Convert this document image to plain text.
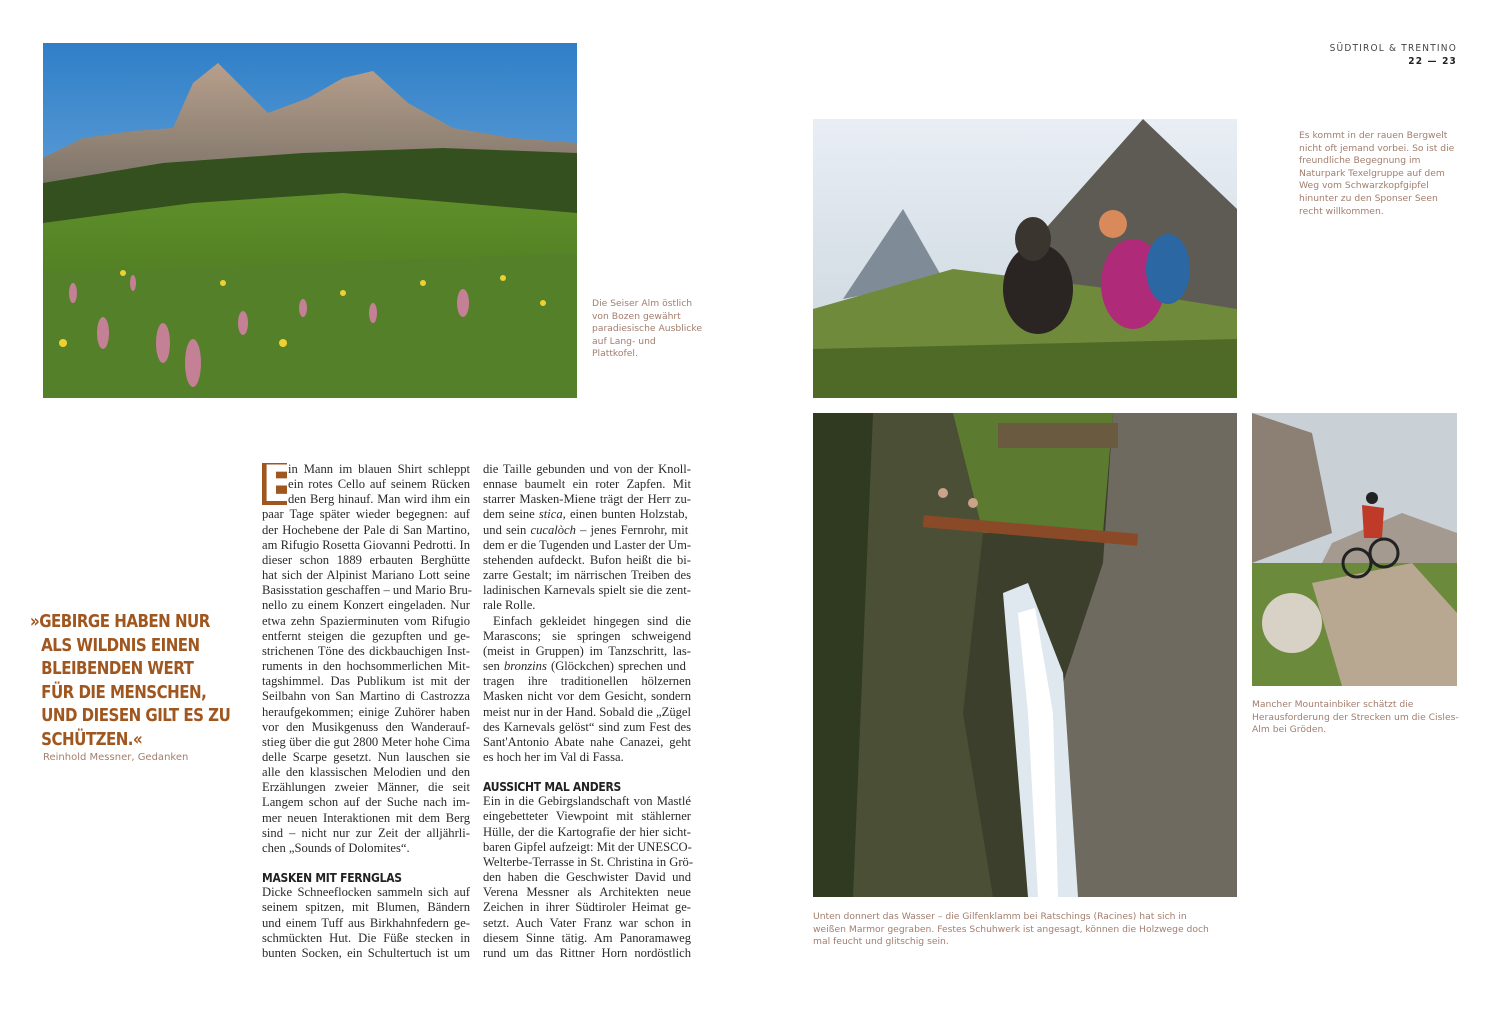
SÜDTIROL & TRENTINO
22 — 23
Die Seiser Alm östlich von Bozen gewährt paradiesische Ausblicke auf Lang- und Plattkofel.
Es kommt in der rauen Bergwelt nicht oft jemand vorbei. So ist die freundliche Begegnung im Naturpark Texelgruppe auf dem Weg vom Schwarzkopfgipfel hinunter zu den Sponser Seen recht willkommen.
Unten donnert das Wasser – die Gilfenklamm bei Ratschings (Racines) hat sich in weißen Marmor gegraben. Festes Schuhwerk ist angesagt, können die Holzwege doch mal feucht und glitschig sein.
Mancher Mountainbiker schätzt die Herausforderung der Strecken um die Cisles-Alm bei Gröden.
»GEBIRGE HABEN NUR ALS WILDNIS EINEN BLEIBENDEN WERT FÜR DIE MENSCHEN, UND DIESEN GILT ES ZU SCHÜTZEN.«
Reinhold Messner, Gedanken
E
in Mann im blauen Shirt schleppt
ein rotes Cello auf seinem Rücken
den Berg hinauf. Man wird ihm ein
paar Tage später wieder begegnen: auf
der Hochebene der Pale di San Martino,
am Rifugio Rosetta Giovanni Pedrotti. In
dieser schon 1889 erbauten Berghütte
hat sich der Alpinist Mariano Lott seine
Basisstation geschaffen – und Mario Bru-
nello zu einem Konzert eingeladen. Nur
etwa zehn Spazierminuten vom Rifugio
entfernt steigen die gezupften und ge-
strichenen Töne des dickbauchigen Inst-
ruments in den hochsommerlichen Mit-
tagshimmel. Das Publikum ist mit der
Seilbahn von San Martino di Castrozza
heraufgekommen; einige Zuhörer haben
vor den Musikgenuss den Wanderauf-
stieg über die gut 2800 Meter hohe Cima
delle Scarpe gesetzt. Nun lauschen sie
alle den klassischen Melodien und den
Erzählungen zweier Männer, die seit
Langem schon auf der Suche nach im-
mer neuen Interaktionen mit dem Berg
sind – nicht nur zur Zeit der alljährli-
chen „Sounds of Dolomites“.
MASKEN MIT FERNGLAS
Dicke Schneeflocken sammeln sich auf
seinem spitzen, mit Blumen, Bändern
und einem Tuff aus Birkhahnfedern ge-
schmückten Hut. Die Füße stecken in
bunten Socken, ein Schultertuch ist um
die Taille gebunden und von der Knoll-
ennase baumelt ein roter Zapfen. Mit
starrer Masken-Miene trägt der Herr zu-
dem seine stica, einen bunten Holzstab,
und sein cucalòch – jenes Fernrohr, mit
dem er die Tugenden und Laster der Um-
stehenden aufdeckt. Bufon heißt die bi-
zarre Gestalt; im närrischen Treiben des
ladinischen Karnevals spielt sie die zent-
rale Rolle.
Einfach gekleidet hingegen sind die
Marascons; sie springen schweigend
(meist in Gruppen) im Tanzschritt, las-
sen bronzins (Glöckchen) sprechen und
tragen ihre traditionellen hölzernen
Masken nicht vor dem Gesicht, sondern
meist nur in der Hand. Sobald die „Zügel
des Karnevals gelöst“ sind zum Fest des
Sant'Antonio Abate nahe Canazei, geht
es hoch her im Val di Fassa.
AUSSICHT MAL ANDERS
Ein in die Gebirgslandschaft von Mastlé
eingebetteter Viewpoint mit stählerner
Hülle, der die Kartografie der hier sicht-
baren Gipfel aufzeigt: Mit der UNESCO-
Welterbe-Terrasse in St. Christina in Grö-
den haben die Geschwister David und
Verena Messner als Architekten neue
Zeichen in ihrer Südtiroler Heimat ge-
setzt. Auch Vater Franz war schon in
diesem Sinne tätig. Am Panoramaweg
rund um das Rittner Horn nordöstlich
